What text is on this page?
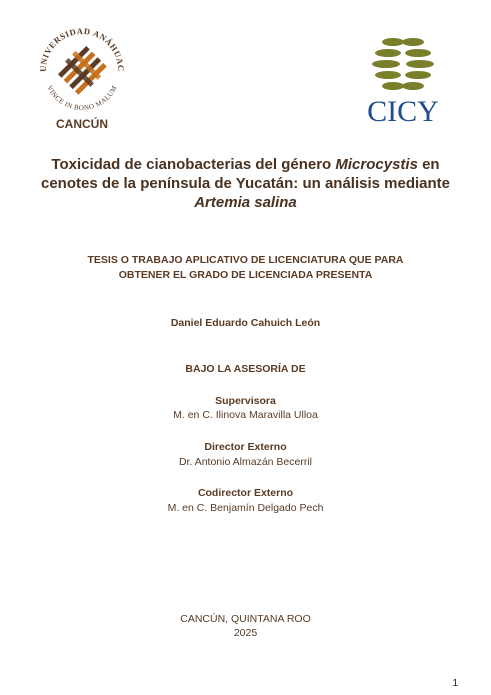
UNIVERSIDAD ANÁHUAC
VINCE IN BONO MALUM
CANCÚN	CICY
Toxicidad de cianobacterias del género Microcystis en
cenotes de la península de Yucatán: un análisis mediante
Artemia salina
TESIS O TRABAJO APLICATIVO DE LICENCIATURA QUE PARA
OBTENER EL GRADO DE LICENCIADA PRESENTA
Daniel Eduardo Cahuich León
BAJO LA ASESORÍA DE
Supervisora
M. en C. Ilinova Maravilla Ulloa
Director Externo
Dr. Antonio Almazán Becerril
Codirector Externo
M. en C. Benjamín Delgado Pech
CANCÚN, QUINTANA ROO
2025
1
